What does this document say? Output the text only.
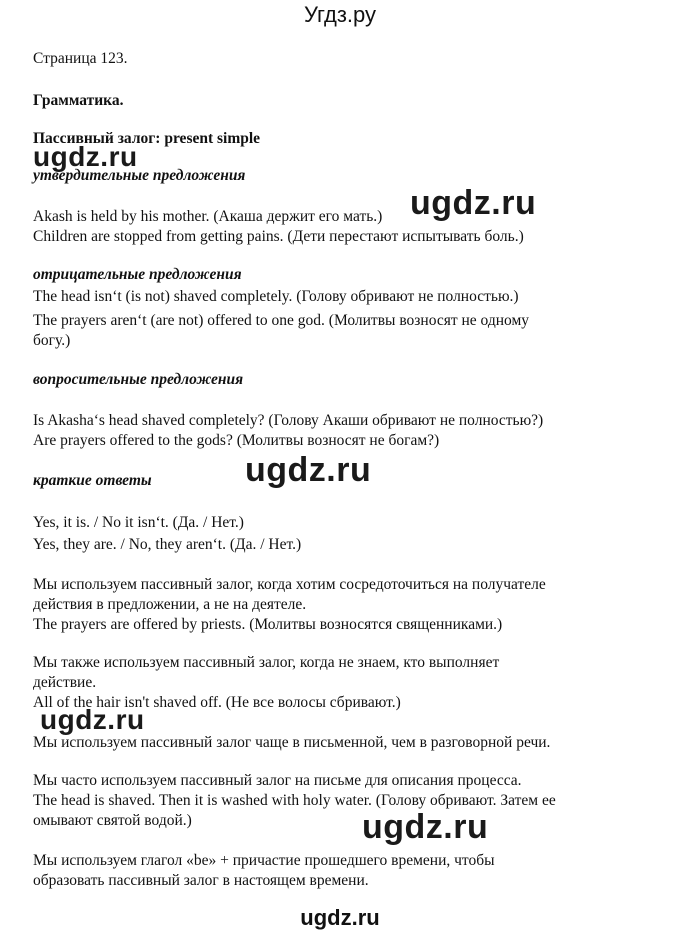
Угдз.ру
Страница 123.
Грамматика.
Пассивный залог: present simple
утвердительные предложения
Akash is held by his mother. (Акаша держит его мать.)
Children are stopped from getting pains. (Дети перестают испытывать боль.)
отрицательные предложения
The head isn‘t (is not) shaved completely. (Голову обривают не полностью.)
The prayers aren‘t (are not) offered to one god. (Молитвы возносят не одному
богу.)
вопросительные предложения
Is Akasha‘s head shaved completely? (Голову Акаши обривают не полностью?)
Are prayers offered to the gods? (Молитвы возносят не богам?)
краткие ответы
Yes, it is. / No it isn‘t. (Да. / Нет.)
Yes, they are. / No, they aren‘t. (Да. / Нет.)
Мы используем пассивный залог, когда хотим сосредоточиться на получателе
действия в предложении, а не на деятеле.
The prayers are offered by priests. (Молитвы возносятся священниками.)
Мы также используем пассивный залог, когда не знаем, кто выполняет
действие.
All of the hair isn't shaved off. (Не все волосы сбривают.)
Мы используем пассивный залог чаще в письменной, чем в разговорной речи.
Мы часто используем пассивный залог на письме для описания процесса.
The head is shaved. Then it is washed with holy water. (Голову обривают. Затем ее
омывают святой водой.)
Мы используем глагол «be» + причастие прошедшего времени, чтобы
образовать пассивный залог в настоящем времени.
ugdz.ru
ugdz.ru
ugdz.ru
ugdz.ru
ugdz.ru
ugdz.ru
